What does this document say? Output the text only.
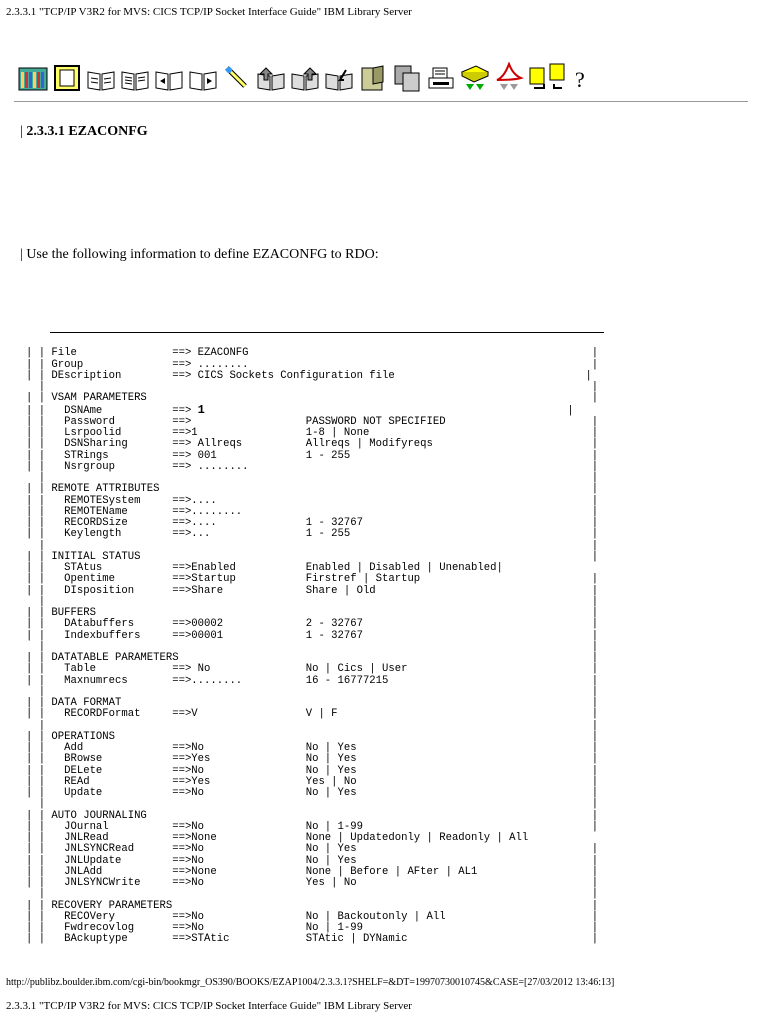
2.3.3.1 "TCP/IP V3R2 for MVS: CICS TCP/IP Socket Interface Guide" IBM Library Server
?
| 2.3.3.1 EZACONFG
| Use the following information to define EZACONFG to RDO:

| | File               ==> EZACONFG                                                      |
| | Group              ==> ........                                                      |
| | DEscription        ==> CICS Sockets Configuration file                              |
|                                                                                      |
| | VSAM PARAMETERS                                                                      |
| |   DSNAme           ==> 1                                                         |
| |   Password         ==>                  PASSWORD NOT SPECIFIED                       |
| |   Lsrpoolid        ==>1                 1-8 | None                                   |
| |   DSNSharing       ==> Allreqs          Allreqs | Modifyreqs                         |
| |   STRings          ==> 001              1 - 255                                      |
| |   Nsrgroup         ==> ........                                                      |
|                                                                                      |
| | REMOTE ATTRIBUTES                                                                    |
| |   REMOTESystem     ==>....                                                           |
| |   REMOTEName       ==>........                                                       |
| |   RECORDSize       ==>....              1 - 32767                                    |
| |   Keylength        ==>...               1 - 255                                      |
|                                                                                      |
| | INITIAL STATUS                                                                       |
| |   STAtus           ==>Enabled           Enabled | Disabled | Unenabled|
| |   Opentime         ==>Startup           Firstref | Startup                           |
| |   DIsposition      ==>Share             Share | Old                                  |
|                                                                                      |
| | BUFFERS                                                                              |
| |   DAtabuffers      ==>00002             2 - 32767                                    |
| |   Indexbuffers     ==>00001             1 - 32767                                    |
|                                                                                      |
| | DATATABLE PARAMETERS                                                                 |
| |   Table            ==> No               No | Cics | User                             |
| |   Maxnumrecs       ==>........          16 - 16777215                                |
|                                                                                      |
| | DATA FORMAT                                                                          |
| |   RECORDFormat     ==>V                 V | F                                        |
|                                                                                      |
| | OPERATIONS                                                                           |
| |   Add              ==>No                No | Yes                                     |
| |   BRowse           ==>Yes               No | Yes                                     |
| |   DELete           ==>No                No | Yes                                     |
| |   REAd             ==>Yes               Yes | No                                     |
| |   Update           ==>No                No | Yes                                     |
|                                                                                      |
| | AUTO JOURNALING                                                                      |
| |   JOurnal          ==>No                No | 1-99                                    |
| |   JNLRead          ==>None              None | Updatedonly | Readonly | All
| |   JNLSYNCRead      ==>No                No | Yes                                     |
| |   JNLUpdate        ==>No                No | Yes                                     |
| |   JNLAdd           ==>None              None | Before | AFter | AL1                  |
| |   JNLSYNCWrite     ==>No                Yes | No                                     |
|                                                                                      |
| | RECOVERY PARAMETERS                                                                  |
| |   RECOVery         ==>No                No | Backoutonly | All                       |
| |   Fwdrecovlog      ==>No                No | 1-99                                    |
| |   BAckuptype       ==>STAtic            STAtic | DYNamic                             |
http://publibz.boulder.ibm.com/cgi-bin/bookmgr_OS390/BOOKS/EZAP1004/2.3.3.1?SHELF=&DT=19970730010745&CASE=[27/03/2012 13:46:13]
2.3.3.1 "TCP/IP V3R2 for MVS: CICS TCP/IP Socket Interface Guide" IBM Library Server
